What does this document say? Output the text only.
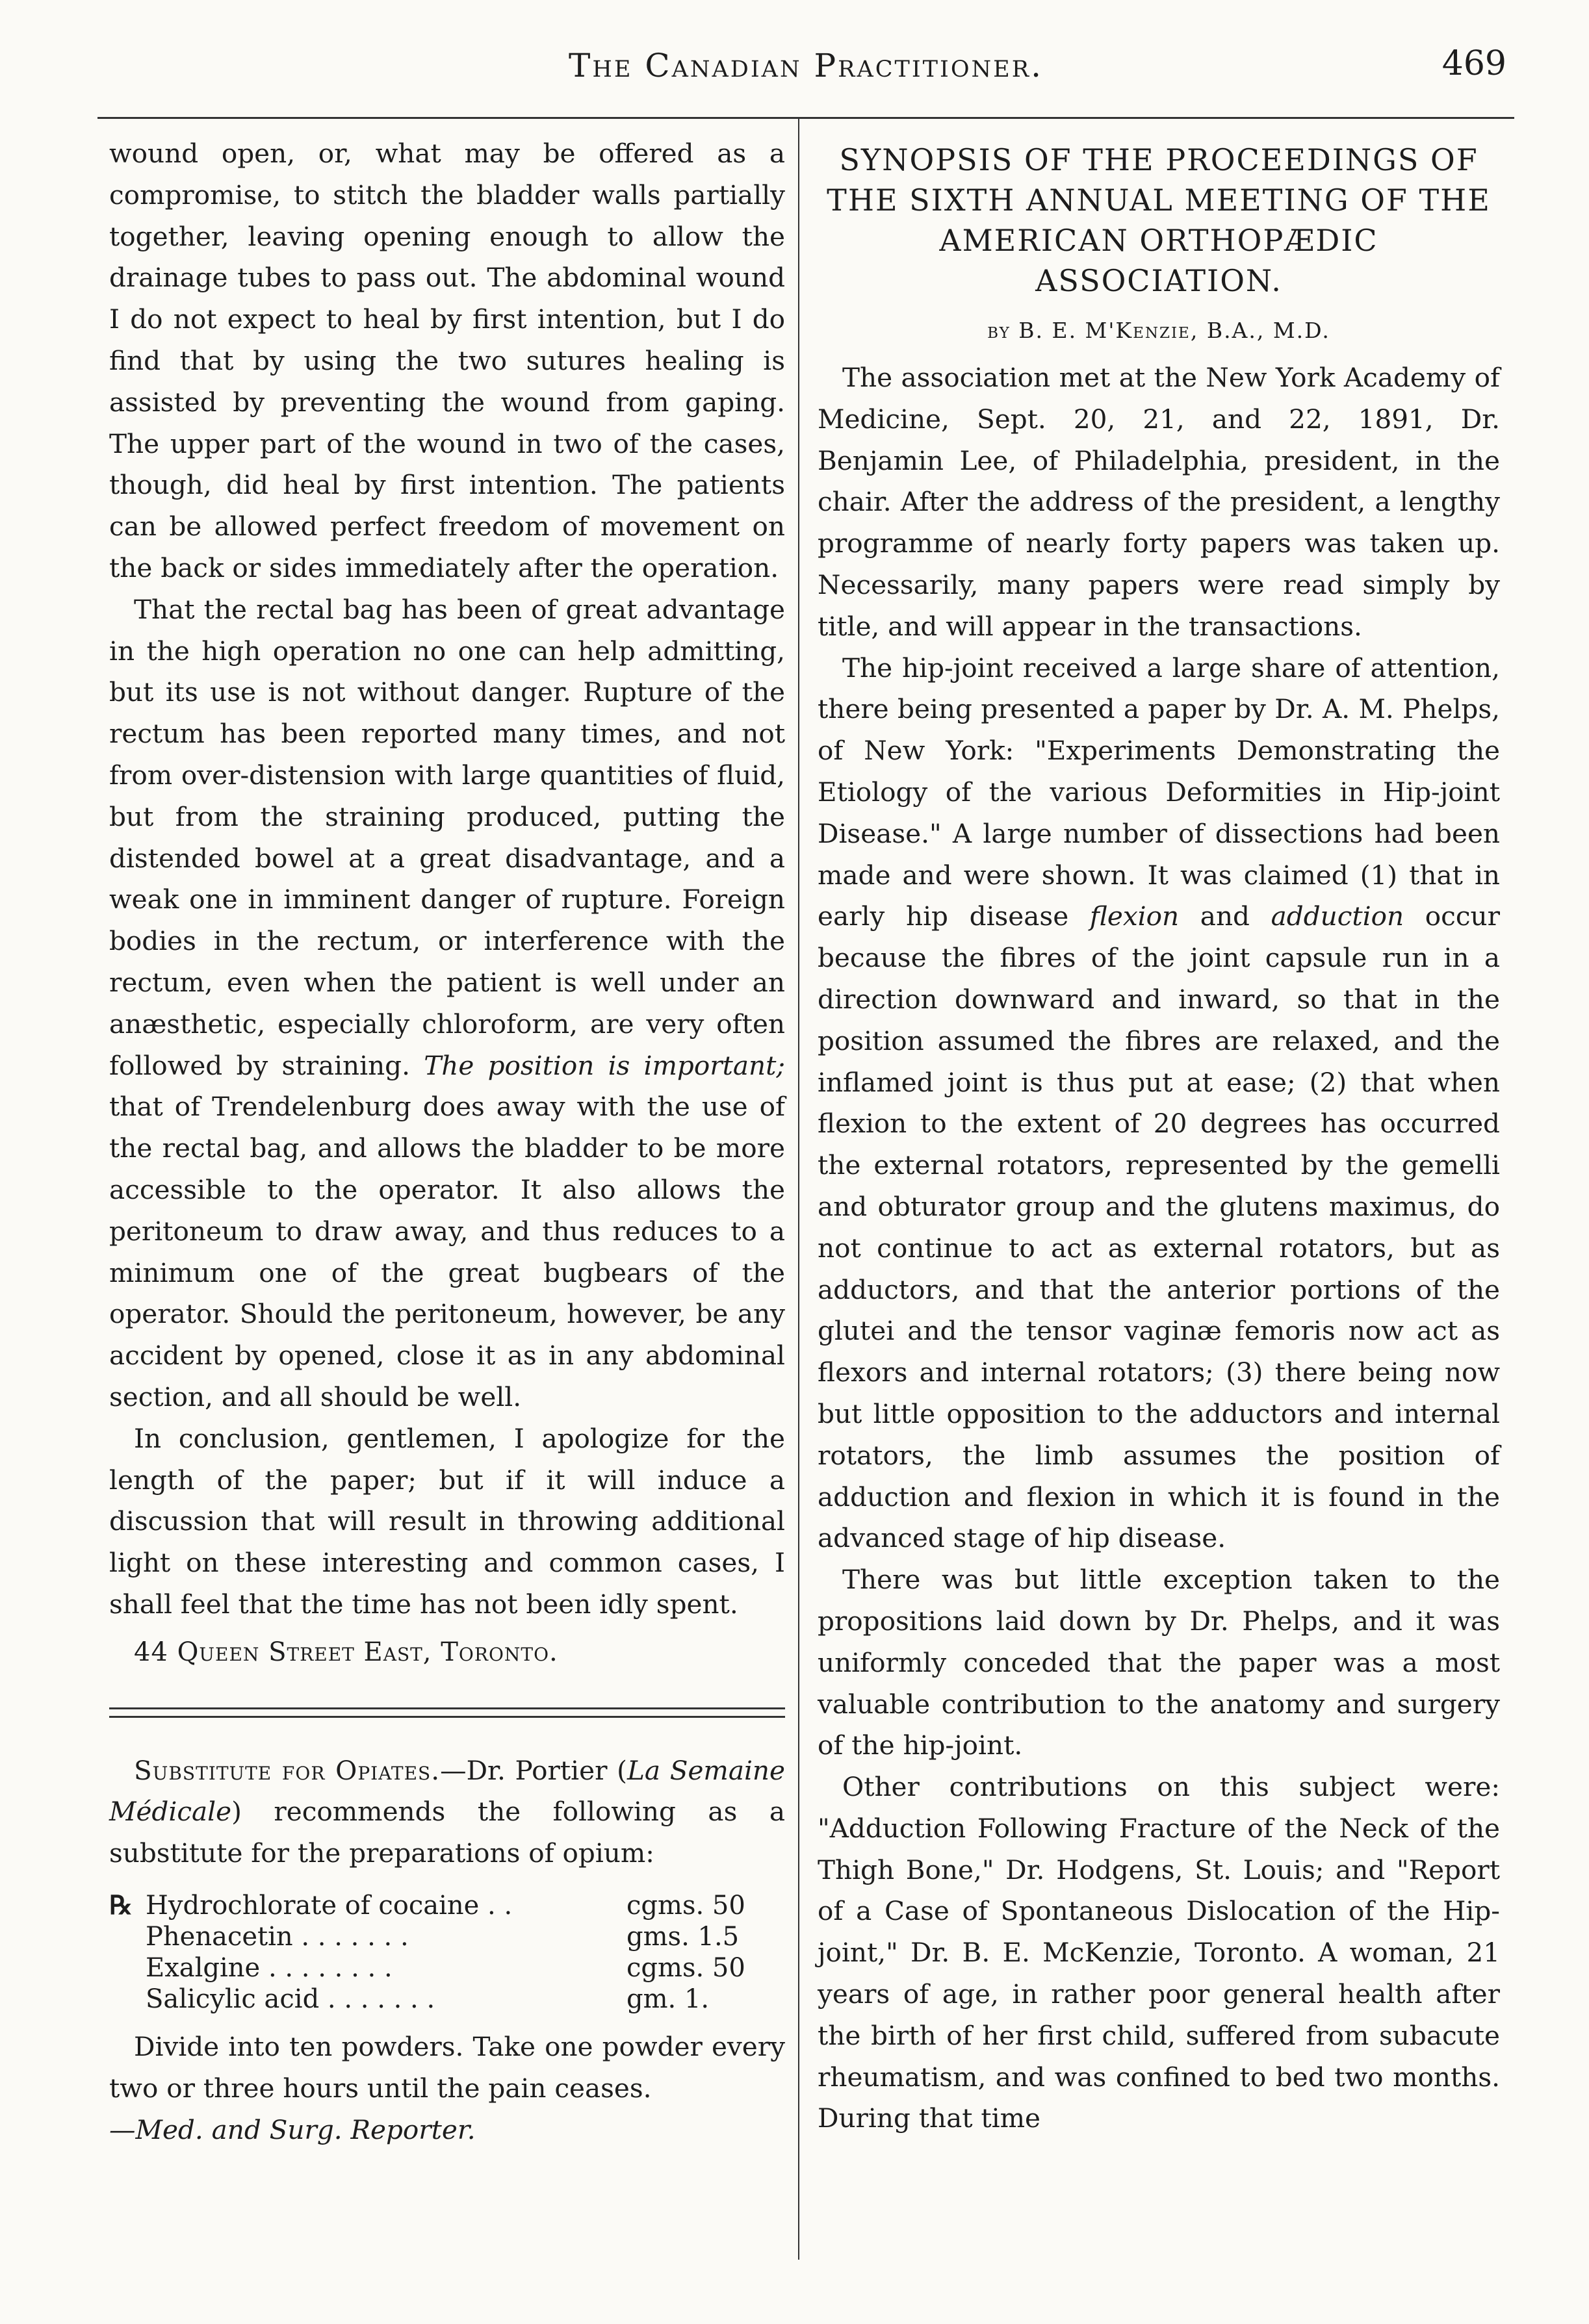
The Canadian Practitioner.	469

wound open, or, what may be offered as a compromise, to stitch the bladder walls partially together, leaving opening enough to allow the drainage tubes to pass out. The abdominal wound I do not expect to heal by first intention, but I do find that by using the two sutures healing is assisted by preventing the wound from gaping. The upper part of the wound in two of the cases, though, did heal by first intention. The patients can be allowed perfect freedom of movement on the back or sides immediately after the operation.

That the rectal bag has been of great advantage in the high operation no one can help admitting, but its use is not without danger. Rupture of the rectum has been reported many times, and not from over-distension with large quantities of fluid, but from the straining produced, putting the distended bowel at a great disadvantage, and a weak one in imminent danger of rupture. Foreign bodies in the rectum, or interference with the rectum, even when the patient is well under an anæsthetic, especially chloroform, are very often followed by straining. The position is important; that of Trendelenburg does away with the use of the rectal bag, and allows the bladder to be more accessible to the operator. It also allows the peritoneum to draw away, and thus reduces to a minimum one of the great bugbears of the operator. Should the peritoneum, however, be any accident by opened, close it as in any abdominal section, and all should be well.

In conclusion, gentlemen, I apologize for the length of the paper; but if it will induce a discussion that will result in throwing additional light on these interesting and common cases, I shall feel that the time has not been idly spent.

44 Queen Street East, Toronto.

Substitute for Opiates.—Dr. Portier (La Semaine Médicale) recommends the following as a substitute for the preparations of opium:

℞ Hydrochlorate of cocaine . .	cgms. 50
Phenacetin . . . . . . .	gms. 1.5
Exalgine . . . . . . . .	cgms. 50
Salicylic acid . . . . . . .	gm. 1.

Divide into ten powders. Take one powder every two or three hours until the pain ceases.

—Med. and Surg. Reporter.

SYNOPSIS OF THE PROCEEDINGS OF THE SIXTH ANNUAL MEETING OF THE AMERICAN ORTHOPÆDIC ASSOCIATION.
by B. E. M'Kenzie, B.A., M.D.

The association met at the New York Academy of Medicine, Sept. 20, 21, and 22, 1891, Dr. Benjamin Lee, of Philadelphia, president, in the chair. After the address of the president, a lengthy programme of nearly forty papers was taken up. Necessarily, many papers were read simply by title, and will appear in the transactions.

The hip-joint received a large share of attention, there being presented a paper by Dr. A. M. Phelps, of New York: "Experiments Demonstrating the Etiology of the various Deformities in Hip-joint Disease." A large number of dissections had been made and were shown. It was claimed (1) that in early hip disease flexion and adduction occur because the fibres of the joint capsule run in a direction downward and inward, so that in the position assumed the fibres are relaxed, and the inflamed joint is thus put at ease; (2) that when flexion to the extent of 20 degrees has occurred the external rotators, represented by the gemelli and obturator group and the glutens maximus, do not continue to act as external rotators, but as adductors, and that the anterior portions of the glutei and the tensor vaginæ femoris now act as flexors and internal rotators; (3) there being now but little opposition to the adductors and internal rotators, the limb assumes the position of adduction and flexion in which it is found in the advanced stage of hip disease.

There was but little exception taken to the propositions laid down by Dr. Phelps, and it was uniformly conceded that the paper was a most valuable contribution to the anatomy and surgery of the hip-joint.

Other contributions on this subject were: "Adduction Following Fracture of the Neck of the Thigh Bone," Dr. Hodgens, St. Louis; and "Report of a Case of Spontaneous Dislocation of the Hip-joint," Dr. B. E. McKenzie, Toronto. A woman, 21 years of age, in rather poor general health after the birth of her first child, suffered from subacute rheumatism, and was confined to bed two months. During that time
